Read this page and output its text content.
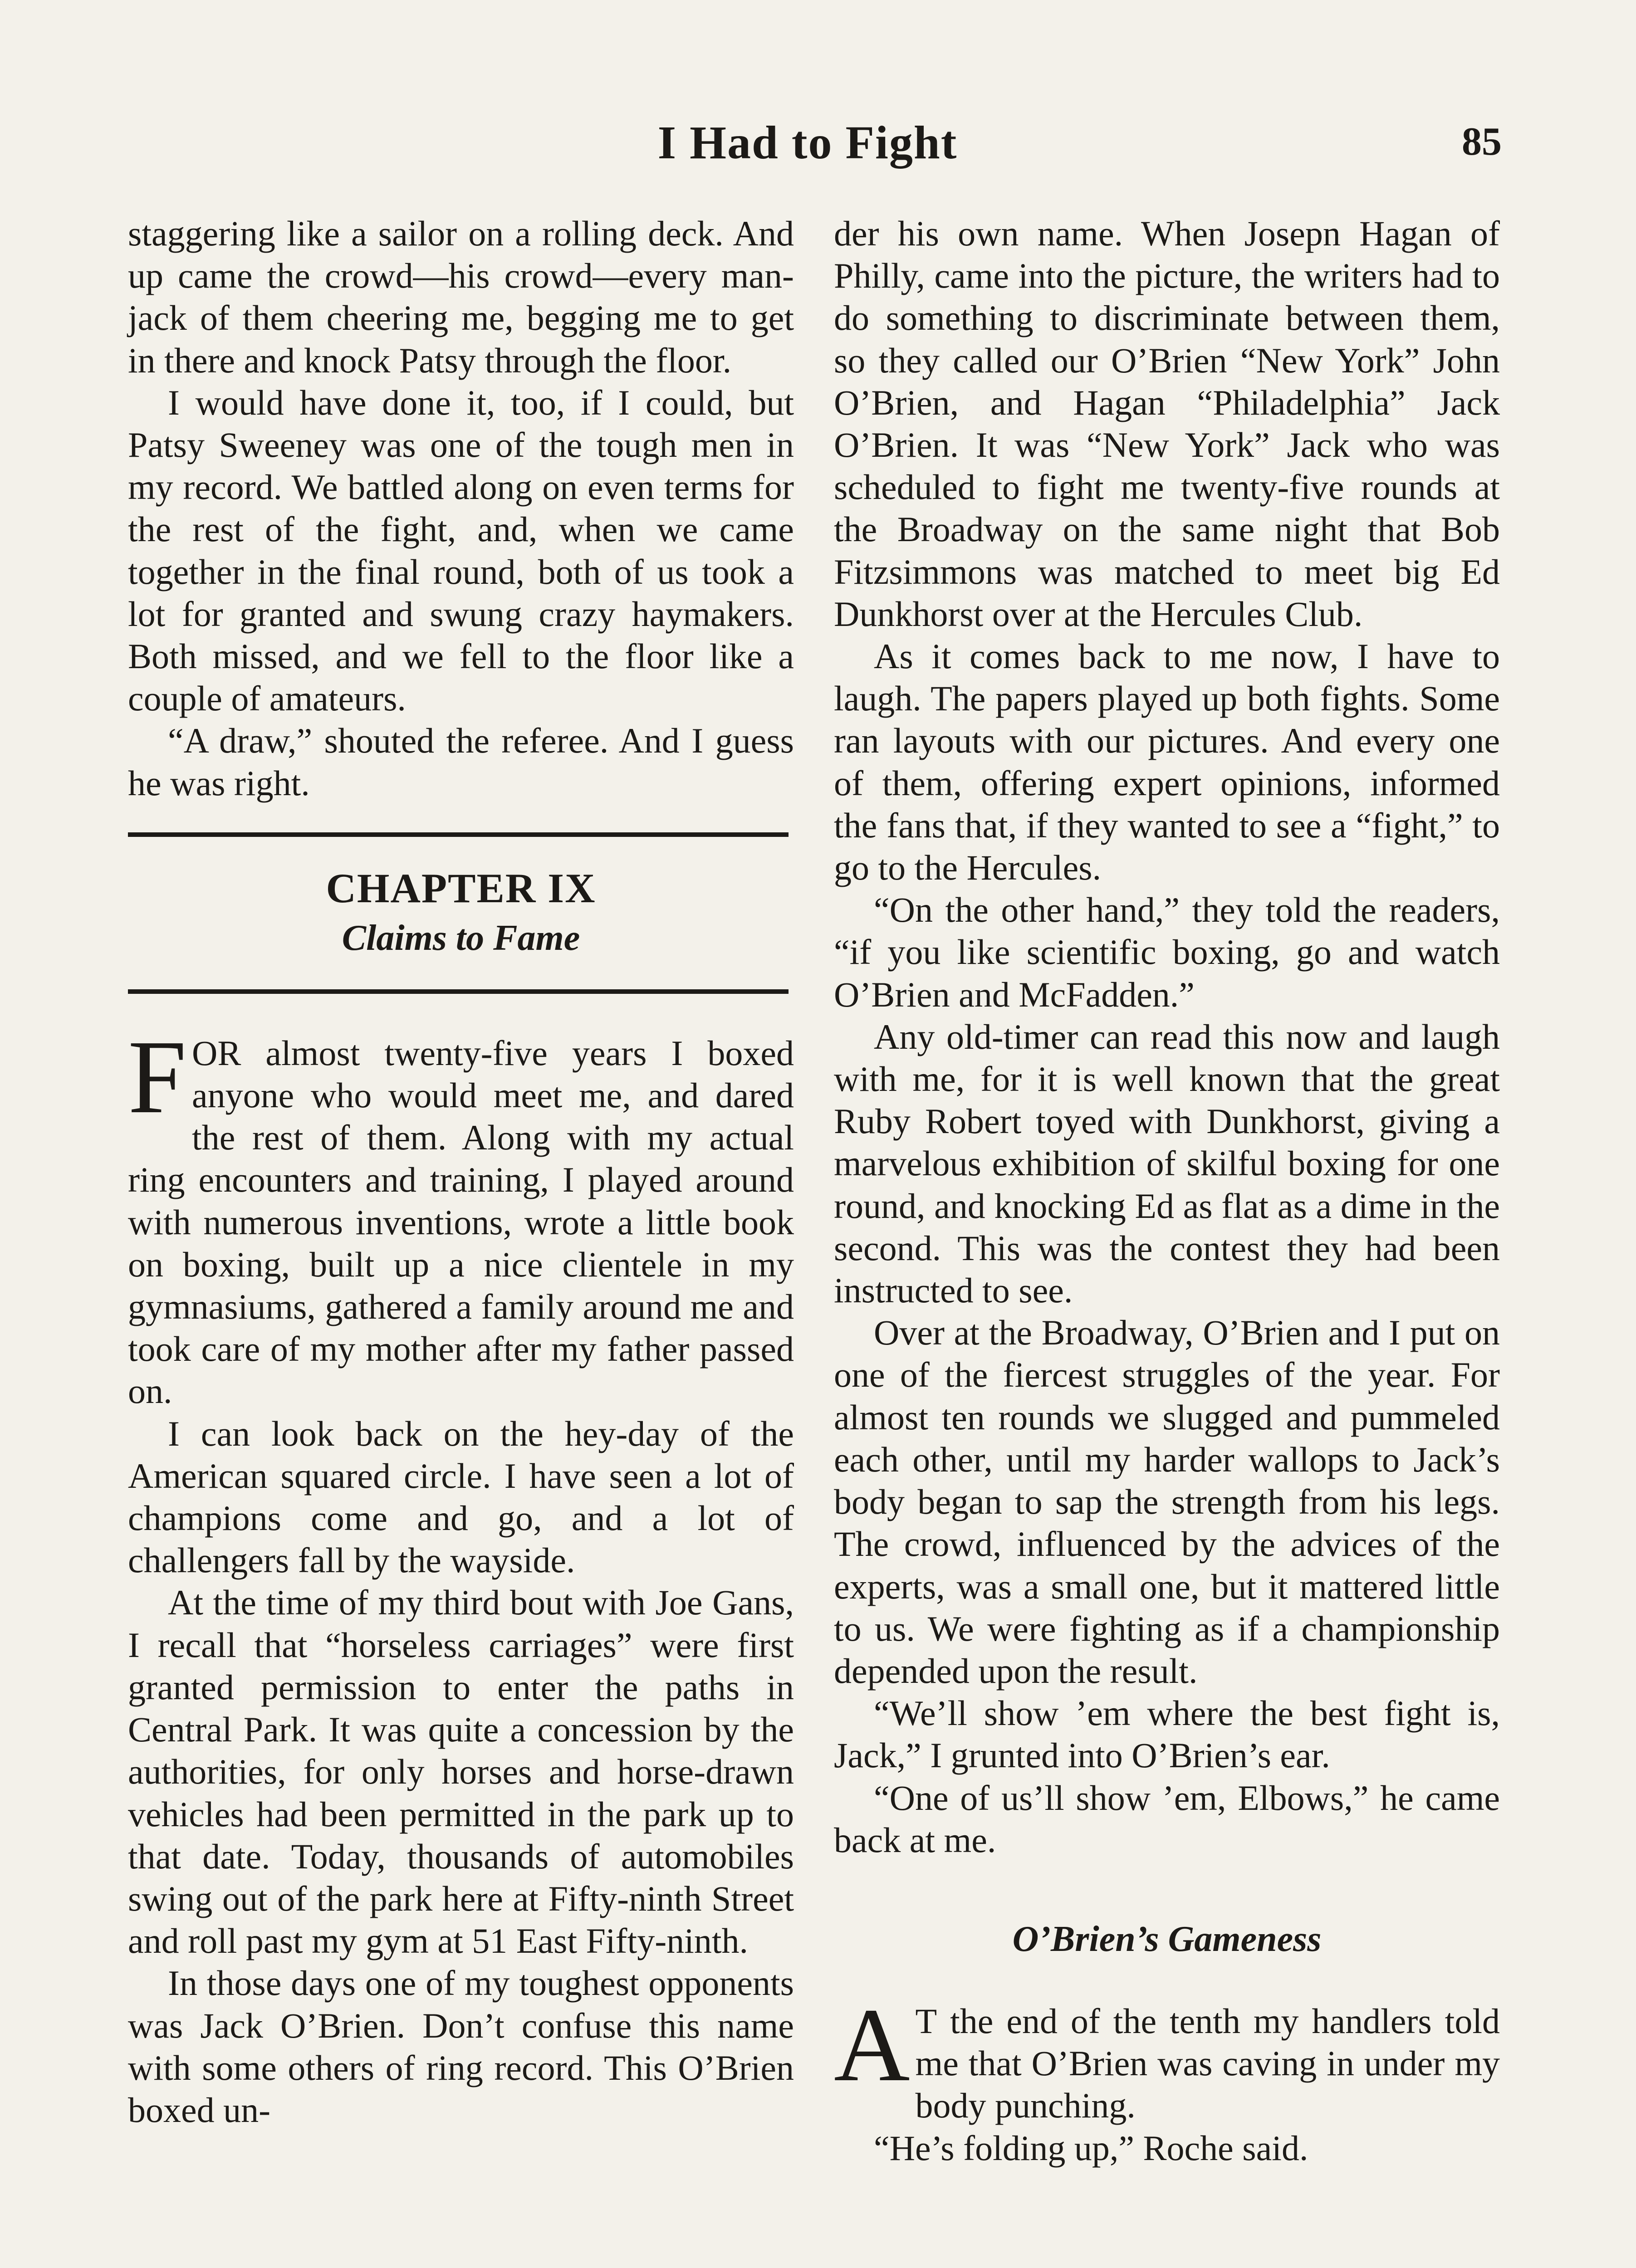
I Had to Fight	85

staggering like a sailor on a rolling deck. And up came the crowd—his crowd—every man-jack of them cheering me, begging me to get in there and knock Patsy through the floor.

I would have done it, too, if I could, but Patsy Sweeney was one of the tough men in my record. We battled along on even terms for the rest of the fight, and, when we came together in the final round, both of us took a lot for granted and swung crazy haymakers. Both missed, and we fell to the floor like a couple of amateurs.

“A draw,” shouted the referee. And I guess he was right.

CHAPTER IX
Claims to Fame

FOR almost twenty-five years I boxed anyone who would meet me, and dared the rest of them. Along with my actual ring encounters and training, I played around with numerous inventions, wrote a little book on boxing, built up a nice clientele in my gymnasiums, gathered a family around me and took care of my mother after my father passed on.

I can look back on the hey-day of the American squared circle. I have seen a lot of champions come and go, and a lot of challengers fall by the wayside.

At the time of my third bout with Joe Gans, I recall that “horseless carriages” were first granted permission to enter the paths in Central Park. It was quite a concession by the authorities, for only horses and horse-drawn vehicles had been permitted in the park up to that date. Today, thousands of automobiles swing out of the park here at Fifty-ninth Street and roll past my gym at 51 East Fifty-ninth.

In those days one of my toughest opponents was Jack O’Brien. Don’t confuse this name with some others of ring record. This O’Brien boxed un-

der his own name. When Josepn Hagan of Philly, came into the picture, the writers had to do something to discriminate between them, so they called our O’Brien “New York” John O’Brien, and Hagan “Philadelphia” Jack O’Brien. It was “New York” Jack who was scheduled to fight me twenty-five rounds at the Broadway on the same night that Bob Fitzsimmons was matched to meet big Ed Dunkhorst over at the Hercules Club.

As it comes back to me now, I have to laugh. The papers played up both fights. Some ran layouts with our pictures. And every one of them, offering expert opinions, informed the fans that, if they wanted to see a “fight,” to go to the Hercules.

“On the other hand,” they told the readers, “if you like scientific boxing, go and watch O’Brien and McFadden.”

Any old-timer can read this now and laugh with me, for it is well known that the great Ruby Robert toyed with Dunkhorst, giving a marvelous exhibition of skilful boxing for one round, and knocking Ed as flat as a dime in the second. This was the contest they had been instructed to see.

Over at the Broadway, O’Brien and I put on one of the fiercest struggles of the year. For almost ten rounds we slugged and pummeled each other, until my harder wallops to Jack’s body began to sap the strength from his legs. The crowd, influenced by the advices of the experts, was a small one, but it mattered little to us. We were fighting as if a championship depended upon the result.

“We’ll show ’em where the best fight is, Jack,” I grunted into O’Brien’s ear.

“One of us’ll show ’em, Elbows,” he came back at me.

O’Brien’s Gameness

A T the end of the tenth my handlers told me that O’Brien was caving in under my body punching.

“He’s folding up,” Roche said.
